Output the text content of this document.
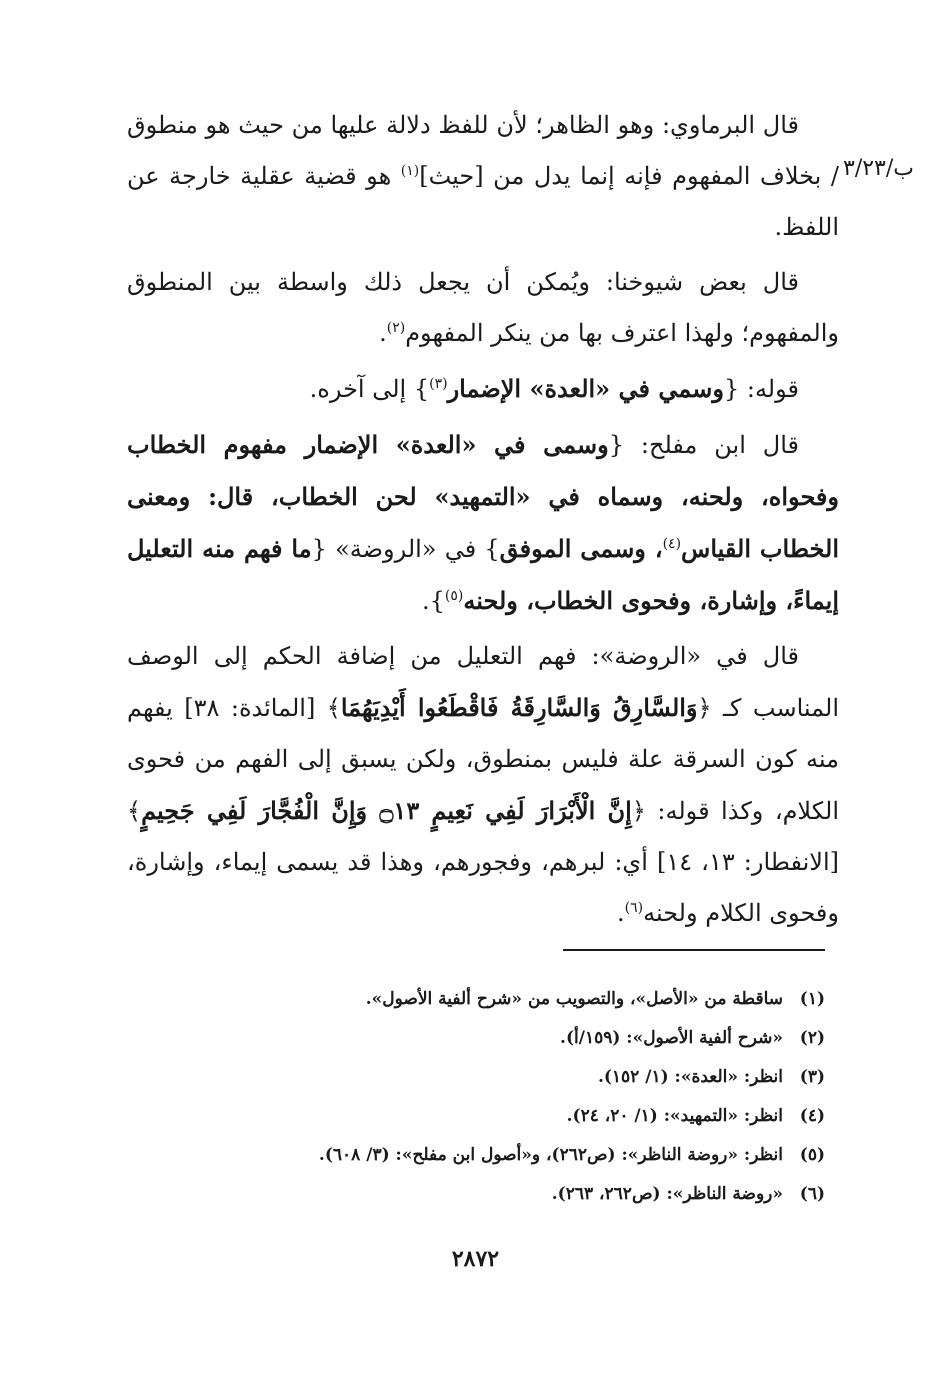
ب/٣/٢٣

قال البرماوي: وهو الظاهر؛ لأن للفظ دلالة عليها من حيث هو منطوق / بخلاف المفهوم فإنه إنما يدل من [حيث]$^{(١)}$ هو قضية عقلية خارجة عن اللفظ.

قال بعض شيوخنا: ويُمكن أن يجعل ذلك واسطة بين المنطوق والمفهوم؛ ولهذا اعترف بها من ينكر المفهوم$^{(٢)}$.

قوله: {وسمي في «العدة» الإضمار$^{(٣)}$} إلى آخره.

قال ابن مفلح: {وسمى في «العدة» الإضمار مفهوم الخطاب وفحواه، ولحنه، وسماه في «التمهيد» لحن الخطاب، قال: ومعنى الخطاب القياس$^{(٤)}$، وسمى الموفق} في «الروضة» {ما فهم منه التعليل إيماءً، وإشارة، وفحوى الخطاب، ولحنه$^{(٥)}$}.

قال في «الروضة»: فهم التعليل من إضافة الحكم إلى الوصف المناسب كـ ﴿وَالسَّارِقُ وَالسَّارِقَةُ فَاقْطَعُوا أَيْدِيَهُمَا﴾ [المائدة: ٣٨] يفهم منه كون السرقة علة فليس بمنطوق، ولكن يسبق إلى الفهم من فحوى الكلام، وكذا قوله: ﴿إِنَّ الْأَبْرَارَ لَفِي نَعِيمٍ ۝١٣ وَإِنَّ الْفُجَّارَ لَفِي جَحِيمٍ﴾ [الانفطار: ١٣، ١٤] أي: لبرهم، وفجورهم، وهذا قد يسمى إيماء، وإشارة، وفحوى الكلام ولحنه$^{(٦)}$.

(١)
ساقطة من «الأصل»، والتصويب من «شرح ألفية الأصول».
(٢)
«شرح ألفية الأصول»: (١٥٩/أ).
(٣)
انظر: «العدة»: (١/ ١٥٢).
(٤)
انظر: «التمهيد»: (١/ ٢٠، ٢٤).
(٥)
انظر: «روضة الناظر»: (ص٢٦٢)، و«أصول ابن مفلح»: (٣/ ٦٠٨).
(٦)
«روضة الناظر»: (ص٢٦٢، ٢٦٣).
٢٨٧٢
